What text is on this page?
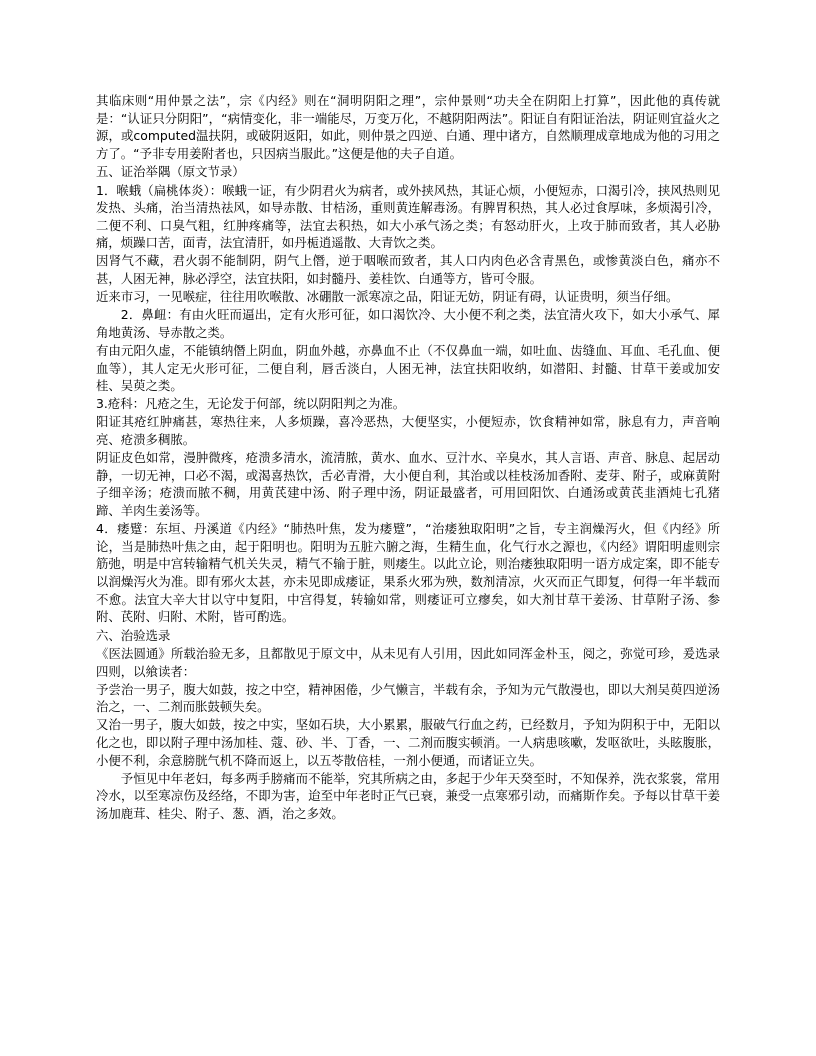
其临床则“用仲景之法”，宗《内经》则在“洞明阴阳之理”，宗仲景则“功夫全在阴阳上打算”，因此他的真传就是：“认证只分阴阳”，“病情变化，非一端能尽，万变万化，不越阴阳两法”。阳证自有阳证治法，阴证则宜益火之源，或computed温扶阴，或破阴返阳，如此，则仲景之四逆、白通、理中诸方，自然顺理成章地成为他的习用之方了。“予非专用姜附者也，只因病当服此。”这便是他的夫子自道。

五、证治举隅（原文节录）

1．喉蛾（扁桃体炎）：喉蛾一证，有少阴君火为病者，或外挟风热，其证心烦，小便短赤，口渴引冷，挟风热则见发热、头痛，治当清热祛风，如导赤散、甘桔汤，重则黄连解毒汤。有脾胃积热，其人必过食厚味，多烦渴引冷，二便不利、口臭气粗，红肿疼痛等，法宜去积热，如大小承气汤之类；有怒动肝火，上攻于肺而致者，其人必胁痛，烦躁口苦，面青，法宜清肝，如丹栀逍遥散、大青饮之类。

因肾气不藏，君火弱不能制阴，阴气上僭，逆于咽喉而致者，其人口内肉色必含青黑色，或惨黄淡白色，痛亦不甚，人困无神，脉必浮空，法宜扶阳，如封髓丹、姜桂饮、白通等方，皆可令服。

近来市习，一见喉症，往往用吹喉散、冰硼散一派寒凉之品，阳证无妨，阴证有碍，认证贵明，须当仔细。

2．鼻衄：有由火旺而逼出，定有火形可征，如口渴饮冷、大小便不利之类，法宜清火攻下，如大小承气、犀角地黄汤、导赤散之类。

有由元阳久虚，不能镇纳僭上阴血，阴血外越，亦鼻血不止（不仅鼻血一端，如吐血、齿缝血、耳血、毛孔血、便血等），其人定无火形可征，二便自利，唇舌淡白，人困无神，法宜扶阳收纳，如潜阳、封髓、甘草干姜或加安桂、吴萸之类。

3.疮科：凡疮之生，无论发于何部，统以阴阳判之为准。

阳证其疮红肿痛甚，寒热往来，人多烦躁，喜冷恶热，大便坚实，小便短赤，饮食精神如常，脉息有力，声音响亮、疮溃多稠脓。

阴证皮色如常，漫肿微疼，疮溃多清水，流清脓，黄水、血水、豆汁水、辛臭水，其人言语、声音、脉息、起居动静，一切无神，口必不渴，或渴喜热饮，舌必青滑，大小便自利，其治或以桂枝汤加香附、麦芽、附子，或麻黄附子细辛汤；疮溃而脓不稠，用黄芪建中汤、附子理中汤，阴证最盛者，可用回阳饮、白通汤或黄芪韭酒炖七孔猪蹄、羊肉生姜汤等。

4．痿躄：东垣、丹溪道《内经》“肺热叶焦，发为痿躄”，“治痿独取阳明”之旨，专主润燥泻火，但《内经》所论，当是肺热叶焦之由，起于阳明也。阳明为五脏六腑之海，生精生血，化气行水之源也，《内经》谓阳明虚则宗筋弛，明是中宫转输精气机关失灵，精气不输于脏，则痿生。以此立论，则治痿独取阳明一语方成定案，即不能专以润燥泻火为准。即有邪火太甚，亦未见即成痿证，果系火邪为殃，数剂清凉，火灭而正气即复，何得一年半载而不愈。法宜大辛大甘以守中复阳，中宫得复，转输如常，则痿证可立瘳矣，如大剂甘草干姜汤、甘草附子汤、参附、芪附、归附、术附，皆可酌选。

六、治验选录

《医法圆通》所载治验无多，且都散见于原文中，从未见有人引用，因此如同浑金朴玉，阅之，弥觉可珍，爰选录四则，以飨读者：

予尝治一男子，腹大如鼓，按之中空，精神困倦，少气懒言，半载有余，予知为元气散漫也，即以大剂吴萸四逆汤治之，一、二剂而胀鼓顿失矣。

又治一男子，腹大如鼓，按之中实，坚如石块，大小累累，服破气行血之药，已经数月，予知为阴积于中，无阳以化之也，即以附子理中汤加桂、蔻、砂、半、丁香，一、二剂而腹实顿消。一人病患咳嗽，发呕欲吐，头眩腹胀，小便不利，余意膀胱气机不降而返上，以五苓散倍桂，一剂小便通，而诸证立失。

予恒见中年老妇，每多两手膀痛而不能举，究其所病之由，多起于少年天癸至时，不知保养，洗衣浆裳，常用冷水，以至寒凉伤及经络，不即为害，迨至中年老时正气已衰，兼受一点寒邪引动，而痛斯作矣。予每以甘草干姜汤加鹿茸、桂尖、附子、葱、酒，治之多效。
